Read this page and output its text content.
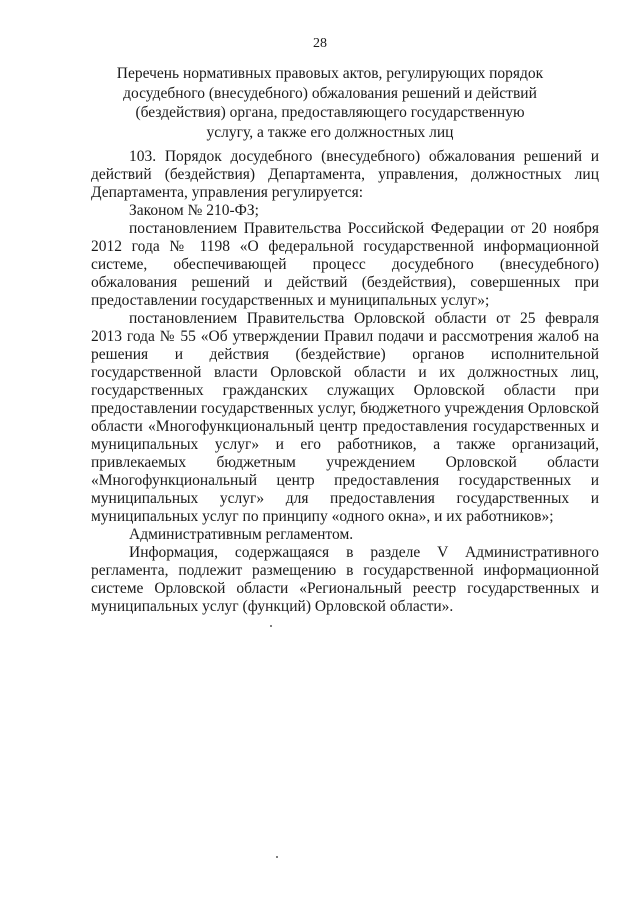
28
Перечень нормативных правовых актов, регулирующих порядок
досудебного (внесудебного) обжалования решений и действий
(бездействия) органа, предоставляющего государственную
услугу, а также его должностных лиц

103. Порядок досудебного (внесудебного) обжалования решений и действий (бездействия) Департамента, управления, должностных лиц Департамента, управления регулируется:

Законом № 210-ФЗ;

постановлением Правительства Российской Федерации от 20 ноября 2012 года № 1198 «О федеральной государственной информационной системе, обеспечивающей процесс досудебного (внесудебного) обжалования решений и действий (бездействия), совершенных при предоставлении государственных и муниципальных услуг»;

постановлением Правительства Орловской области от 25 февраля 2013 года № 55 «Об утверждении Правил подачи и рассмотрения жалоб на решения и действия (бездействие) органов исполнительной государственной власти Орловской области и их должностных лиц, государственных гражданских служащих Орловской области при предоставлении государственных услуг, бюджетного учреждения Орловской области «Многофункциональный центр предоставления государственных и муниципальных услуг» и его работников, а также организаций, привлекаемых бюджетным учреждением Орловской области «Многофункциональный центр предоставления государственных и муниципальных услуг» для предоставления государственных и муниципальных услуг по принципу «одного окна», и их работников»;

Административным регламентом.

Информация, содержащаяся в разделе V Административного регламента, подлежит размещению в государственной информационной системе Орловской области «Региональный реестр государственных и муниципальных услуг (функций) Орловской области».
